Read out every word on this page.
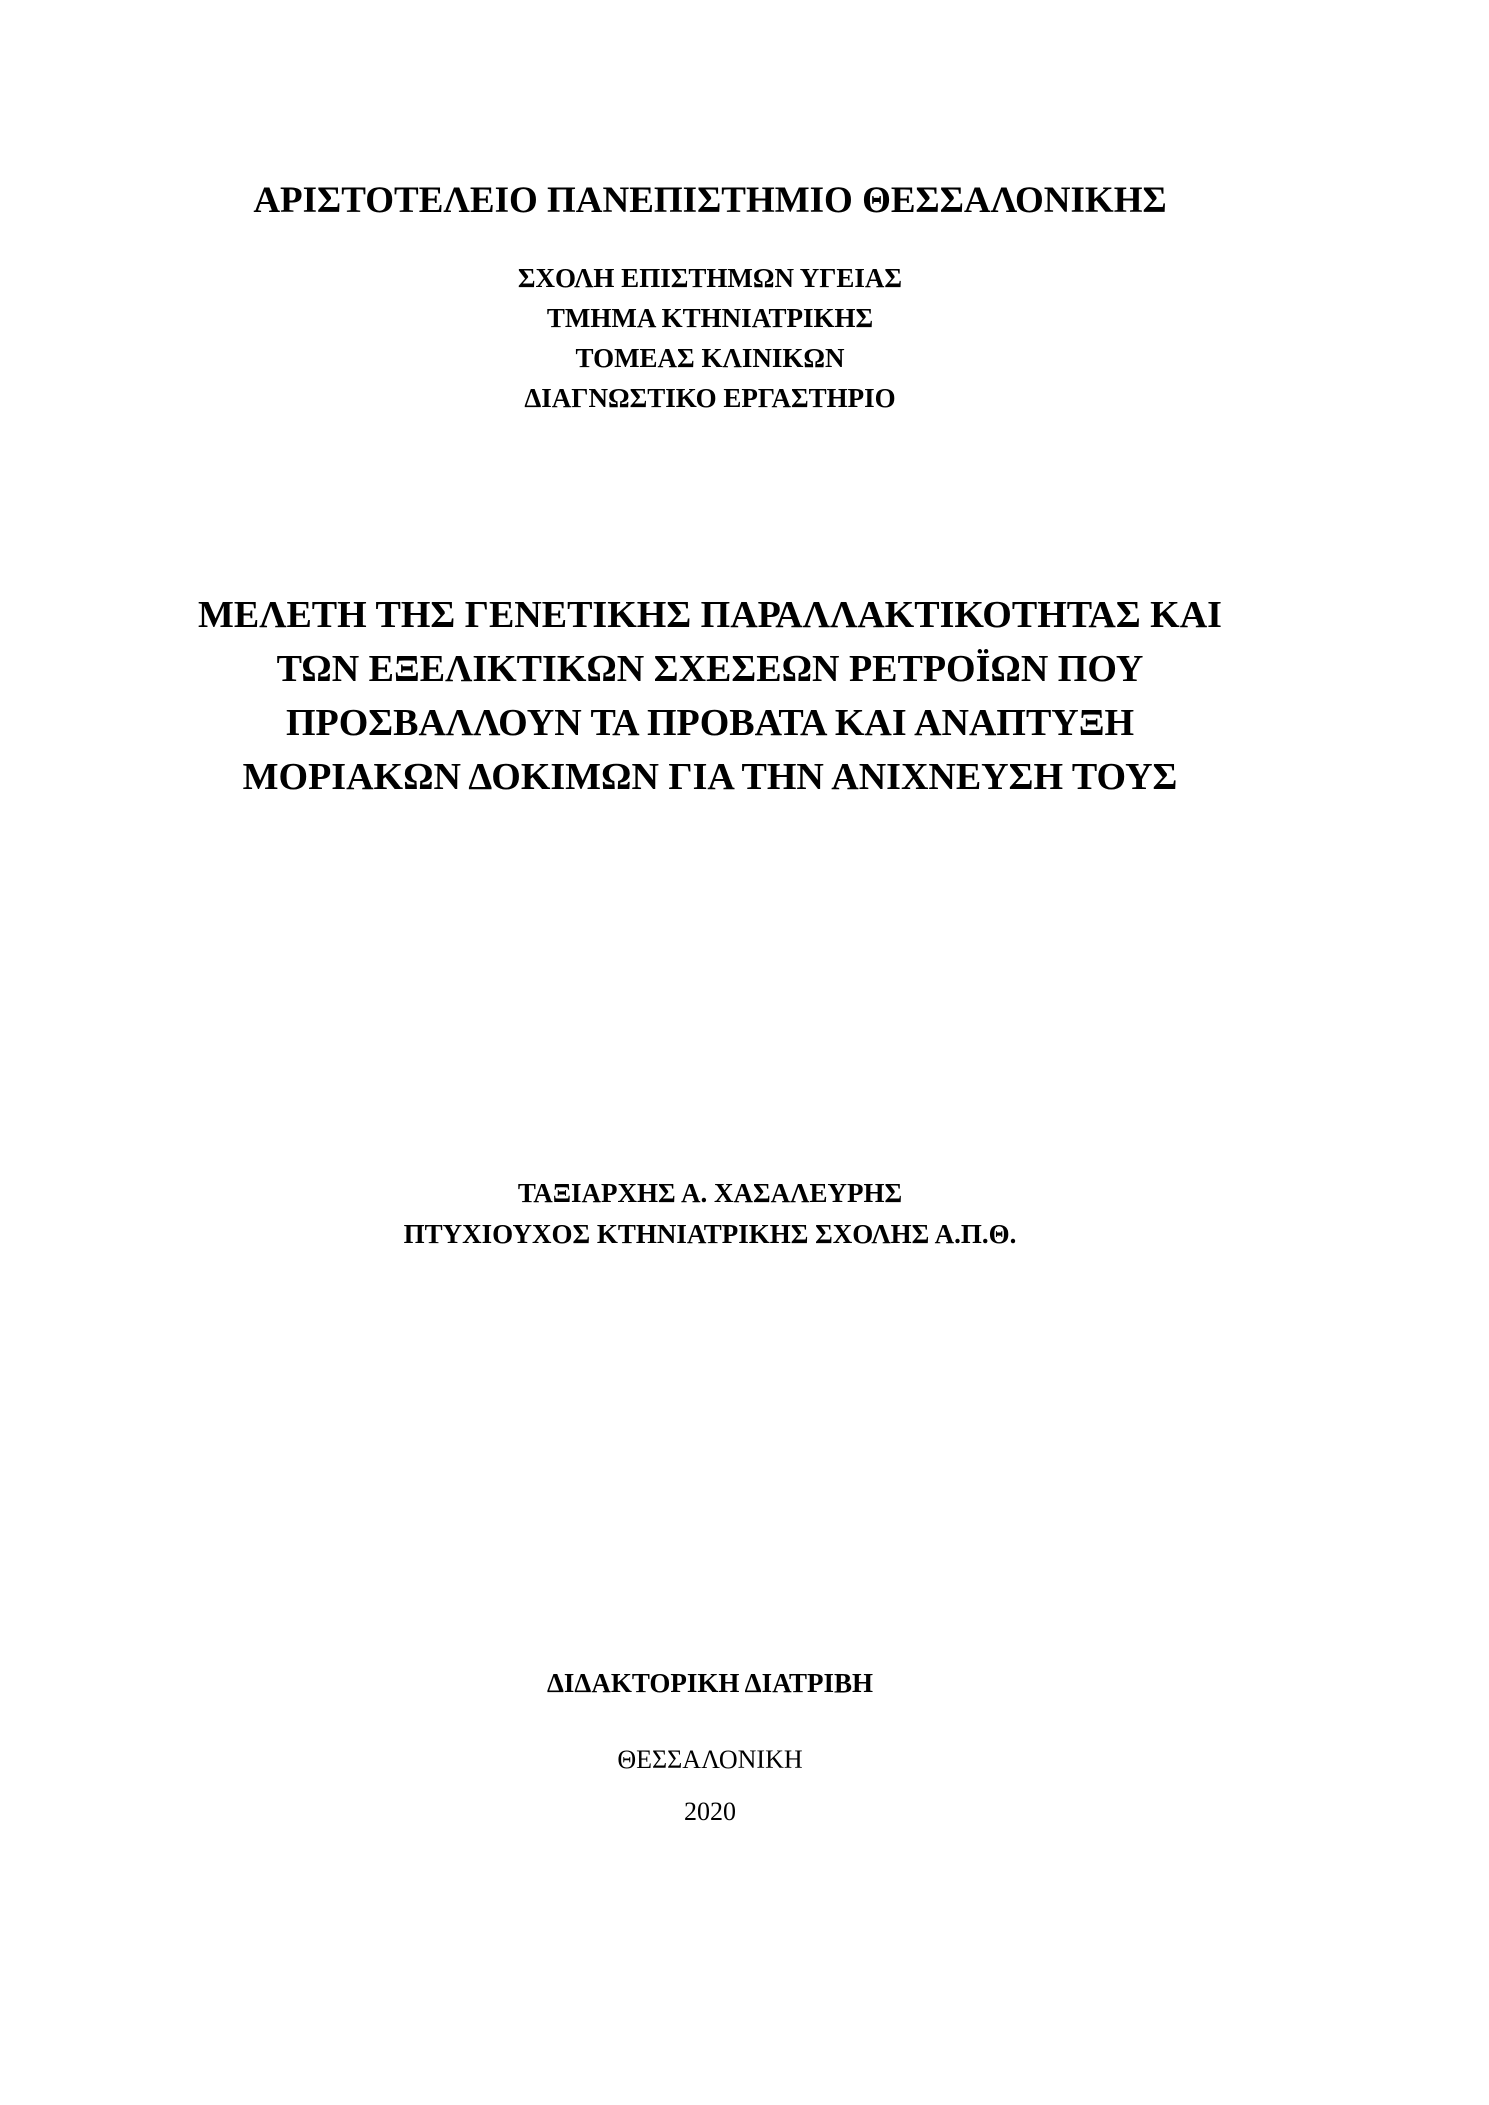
ΑΡΙΣΤΟΤΕΛΕΙΟ ΠΑΝΕΠΙΣΤΗΜΙΟ ΘΕΣΣΑΛΟΝΙΚΗΣ
ΣΧΟΛΗ ΕΠΙΣΤΗΜΩΝ ΥΓΕΙΑΣ
ΤΜΗΜΑ ΚΤΗΝΙΑΤΡΙΚΗΣ
ΤΟΜΕΑΣ ΚΛΙΝΙΚΩΝ
ΔΙΑΓΝΩΣΤΙΚΟ ΕΡΓΑΣΤΗΡΙΟ
ΜΕΛΕΤΗ ΤΗΣ ΓΕΝΕΤΙΚΗΣ ΠΑΡΑΛΛΑΚΤΙΚΟΤΗΤΑΣ ΚΑΙ
ΤΩΝ ΕΞΕΛΙΚΤΙΚΩΝ ΣΧΕΣΕΩΝ ΡΕΤΡΟΪΩΝ ΠΟΥ
ΠΡΟΣΒΑΛΛΟΥΝ ΤΑ ΠΡΟΒΑΤΑ ΚΑΙ ΑΝΑΠΤΥΞΗ
ΜΟΡΙΑΚΩΝ ΔΟΚΙΜΩΝ ΓΙΑ ΤΗΝ ΑΝΙΧΝΕΥΣΗ ΤΟΥΣ
ΤΑΞΙΑΡΧΗΣ Α. ΧΑΣΑΛΕΥΡΗΣ
ΠΤΥΧΙΟΥΧΟΣ ΚΤΗΝΙΑΤΡΙΚΗΣ ΣΧΟΛΗΣ Α.Π.Θ.
ΔΙΔΑΚΤΟΡΙΚΗ ΔΙΑΤΡΙΒΗ
ΘΕΣΣΑΛΟΝΙΚΗ
2020
